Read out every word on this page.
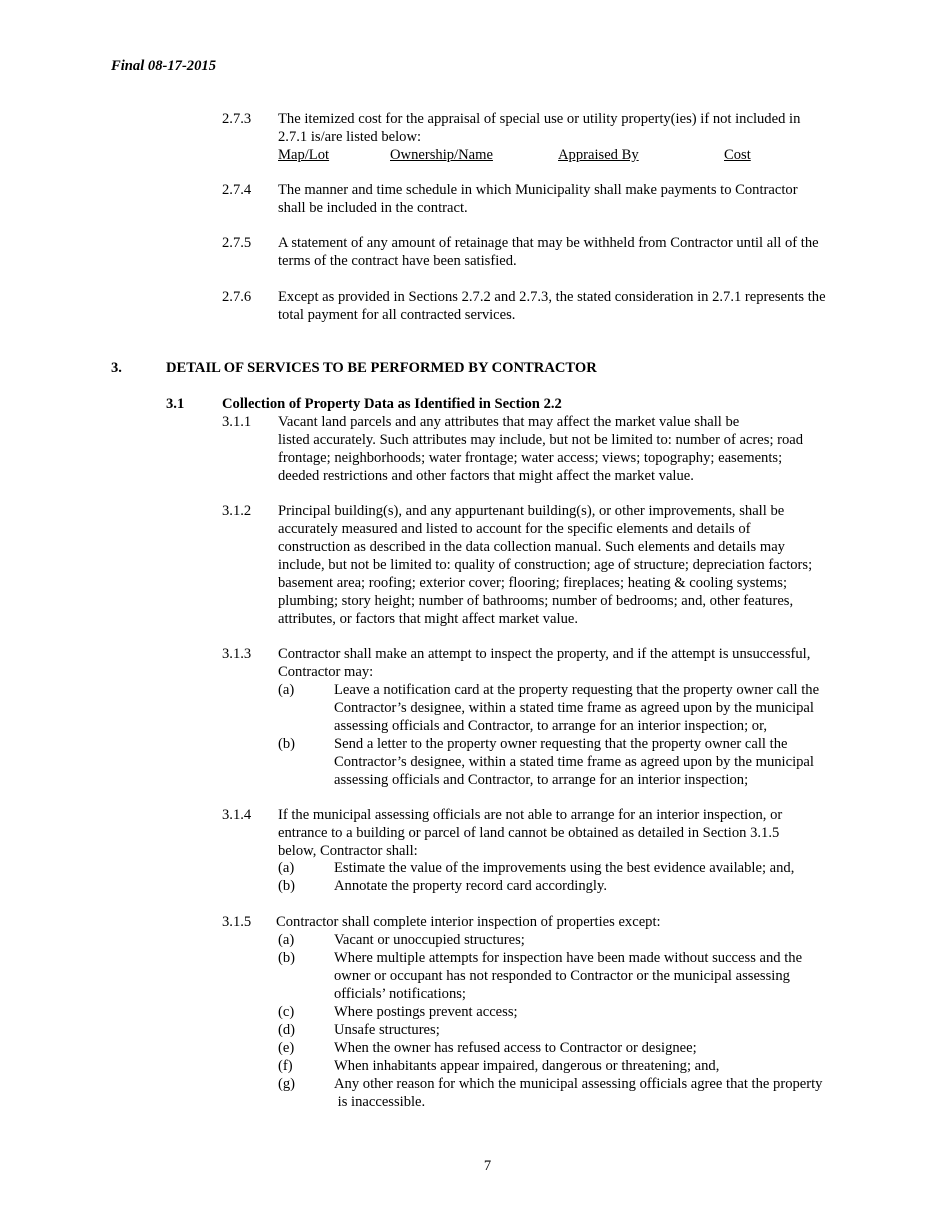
Final 08-17-2015
2.7.3 The itemized cost for the appraisal of special use or utility property(ies) if not included in
2.7.1 is/are listed below:
Map/Lot	Ownership/Name	Appraised By	Cost
2.7.4 The manner and time schedule in which Municipality shall make payments to Contractor
shall be included in the contract.
2.7.5 A statement of any amount of retainage that may be withheld from Contractor until all of the
terms of the contract have been satisfied.
2.7.6 Except as provided in Sections 2.7.2 and 2.7.3, the stated consideration in 2.7.1 represents the
total payment for all contracted services.
3.	DETAIL OF SERVICES TO BE PERFORMED BY CONTRACTOR
3.1	Collection of Property Data as Identified in Section 2.2
3.1.1 Vacant land parcels and any attributes that may affect the market value shall be
listed accurately. Such attributes may include, but not be limited to: number of acres; road
frontage; neighborhoods; water frontage; water access; views; topography; easements;
deeded restrictions and other factors that might affect the market value.
3.1.2 Principal building(s), and any appurtenant building(s), or other improvements, shall be
accurately measured and listed to account for the specific elements and details of
construction as described in the data collection manual. Such elements and details may
include, but not be limited to: quality of construction; age of structure; depreciation factors;
basement area; roofing; exterior cover; flooring; fireplaces; heating & cooling systems;
plumbing; story height; number of bathrooms; number of bedrooms; and, other features,
attributes, or factors that might affect market value.
3.1.3 Contractor shall make an attempt to inspect the property, and if the attempt is unsuccessful,
Contractor may:
(a)	Leave a notification card at the property requesting that the property owner call the
Contractor’s designee, within a stated time frame as agreed upon by the municipal
assessing officials and Contractor, to arrange for an interior inspection; or,
(b)	Send a letter to the property owner requesting that the property owner call the
Contractor’s designee, within a stated time frame as agreed upon by the municipal
assessing officials and Contractor, to arrange for an interior inspection;
3.1.4 If the municipal assessing officials are not able to arrange for an interior inspection, or
entrance to a building or parcel of land cannot be obtained as detailed in Section 3.1.5
below, Contractor shall:
(a)	Estimate the value of the improvements using the best evidence available; and,
(b)	Annotate the property record card accordingly.
3.1.5 Contractor shall complete interior inspection of properties except:
(a)	Vacant or unoccupied structures;
(b)	Where multiple attempts for inspection have been made without success and the
owner or occupant has not responded to Contractor or the municipal assessing
officials’ notifications;
(c)	Where postings prevent access;
(d)	Unsafe structures;
(e)	When the owner has refused access to Contractor or designee;
(f)	When inhabitants appear impaired, dangerous or threatening; and,
(g)	Any other reason for which the municipal assessing officials agree that the property
is inaccessible.
7
